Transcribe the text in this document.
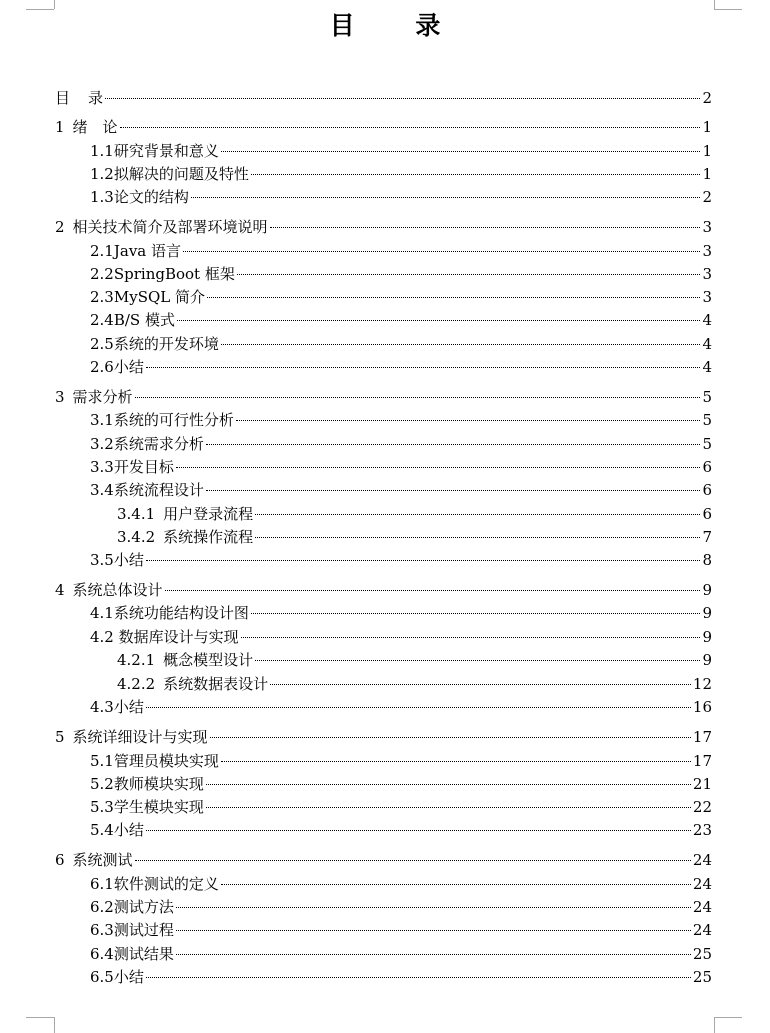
目 录
目 录	2
1 绪　论	1
1.1研究背景和意义	1
1.2拟解决的问题及特性	1
1.3论文的结构	2
2 相关技术简介及部署环境说明	3
2.1Java 语言	3
2.2SpringBoot 框架	3
2.3MySQL 简介	3
2.4B/S 模式	4
2.5系统的开发环境	4
2.6小结	4
3 需求分析	5
3.1系统的可行性分析	5
3.2系统需求分析	5
3.3开发目标	6
3.4系统流程设计	6
3.4.1 用户登录流程	6
3.4.2 系统操作流程	7
3.5小结	8
4 系统总体设计	9
4.1系统功能结构设计图	9
4.2 数据库设计与实现	9
4.2.1 概念模型设计	9
4.2.2 系统数据表设计	12
4.3小结	16
5 系统详细设计与实现	17
5.1管理员模块实现	17
5.2教师模块实现	21
5.3学生模块实现	22
5.4小结	23
6 系统测试	24
6.1软件测试的定义	24
6.2测试方法	24
6.3测试过程	24
6.4测试结果	25
6.5小结	25
